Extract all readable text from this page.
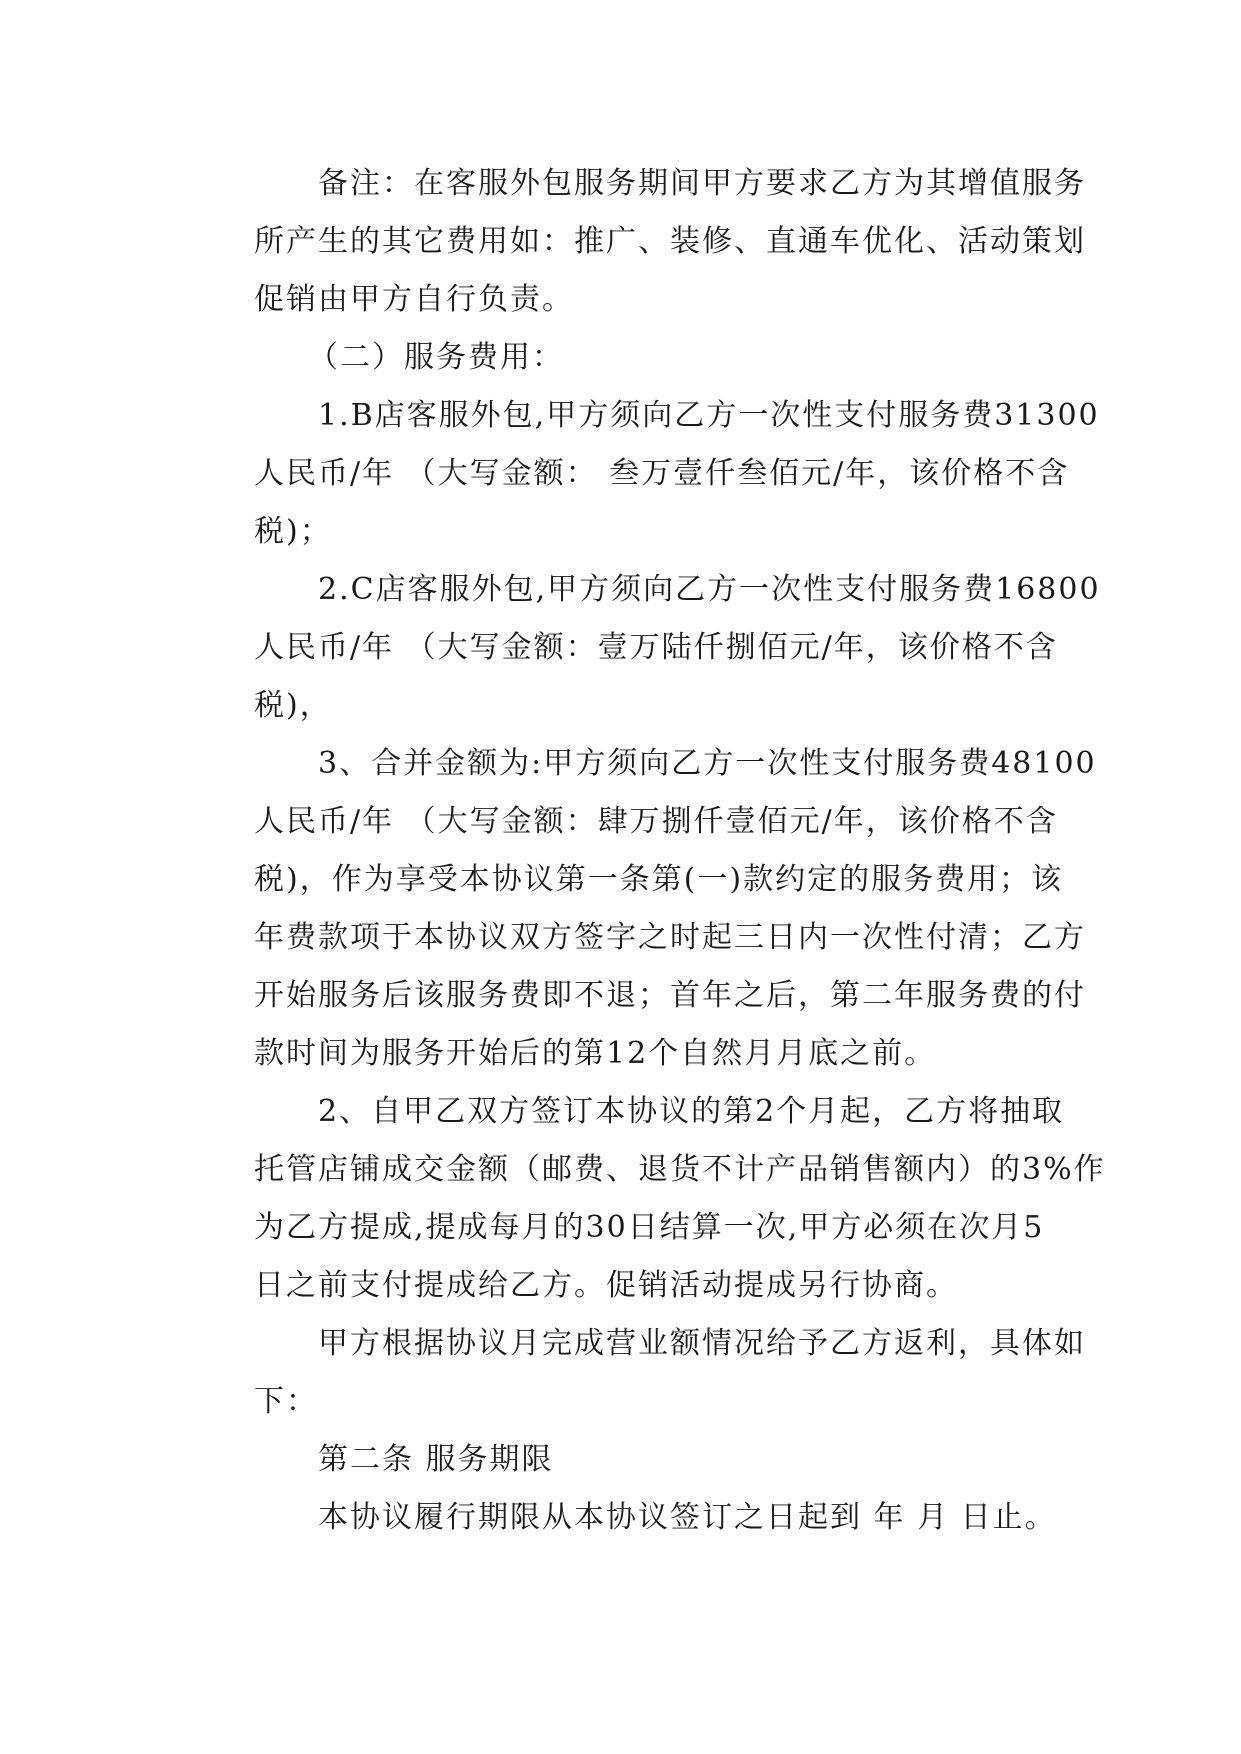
备注：在客服外包服务期间甲方要求乙方为其增值服务
所产生的其它费用如：推广、装修、直通车优化、活动策划
促销由甲方自行负责。

（二）服务费用：

1.B店客服外包,甲方须向乙方一次性支付服务费31300
人民币/年 （大写金额： 叁万壹仟叁佰元/年，该价格不含
税)；

2.C店客服外包,甲方须向乙方一次性支付服务费16800
人民币/年 （大写金额：壹万陆仟捌佰元/年，该价格不含
税)，

3、合并金额为:甲方须向乙方一次性支付服务费48100
人民币/年 （大写金额：肆万捌仟壹佰元/年，该价格不含
税)，作为享受本协议第一条第(一)款约定的服务费用；该
年费款项于本协议双方签字之时起三日内一次性付清；乙方
开始服务后该服务费即不退；首年之后，第二年服务费的付
款时间为服务开始后的第12个自然月月底之前。

2、自甲乙双方签订本协议的第2个月起，乙方将抽取
托管店铺成交金额（邮费、退货不计产品销售额内）的3%作
为乙方提成,提成每月的30日结算一次,甲方必须在次月5
日之前支付提成给乙方。促销活动提成另行协商。

甲方根据协议月完成营业额情况给予乙方返利，具体如
下：

第二条 服务期限

本协议履行期限从本协议签订之日起到 年 月 日止。
